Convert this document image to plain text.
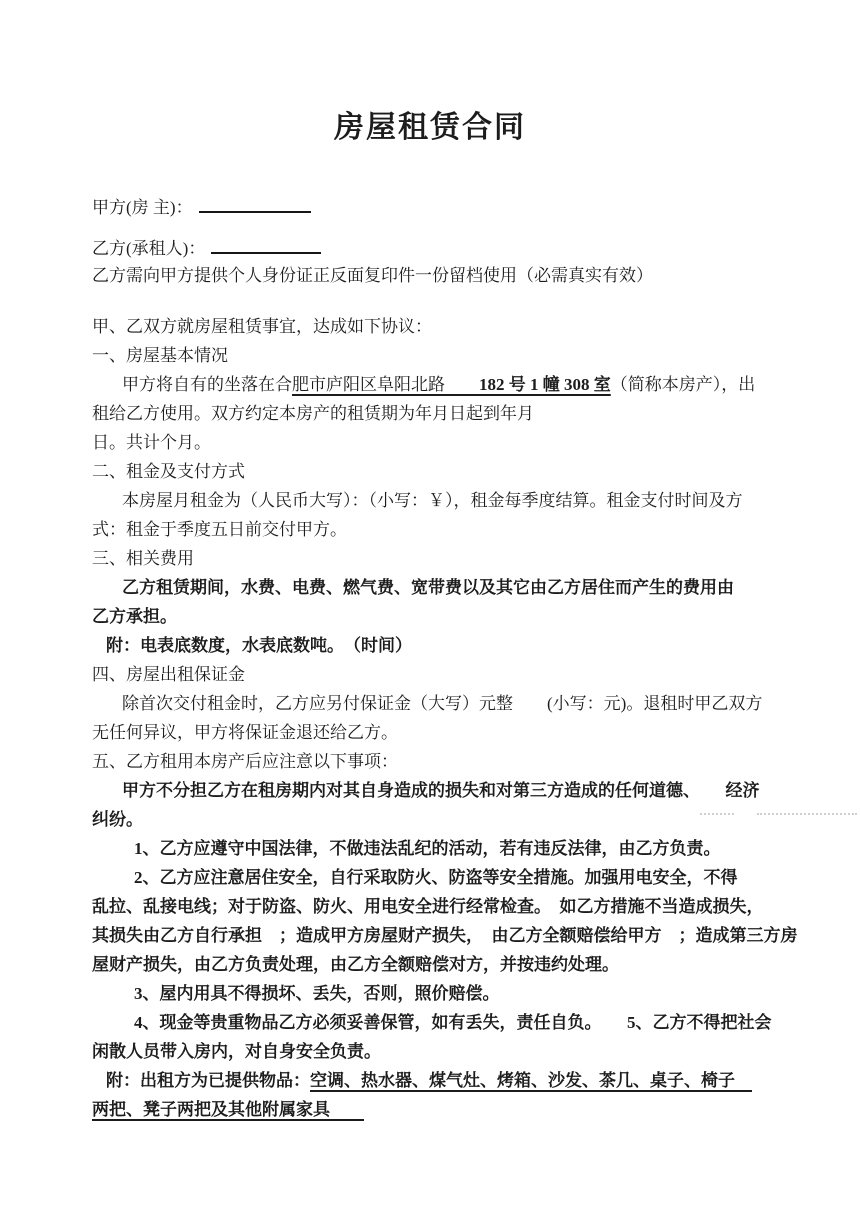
房屋租赁合同
甲方(房 主)：
乙方(承租人)：
乙方需向甲方提供个人身份证正反面复印件一份留档使用（必需真实有效）
甲、乙双方就房屋租赁事宜，达成如下协议：
一、房屋基本情况
甲方将自有的坐落在合肥市庐阳区阜阳北路　　182 号 1 幢 308 室（简称本房产），出
租给乙方使用。双方约定本房产的租赁期为年月日起到年月
日。共计个月。
二、租金及支付方式
本房屋月租金为（人民币大写）：（小写：￥），租金每季度结算。租金支付时间及方
式：租金于季度五日前交付甲方。
三、相关费用
乙方租赁期间，水费、电费、燃气费、宽带费以及其它由乙方居住而产生的费用由
乙方承担。
附：电表底数度，水表底数吨。　（时间）
四、房屋出租保证金
除首次交付租金时，乙方应另付保证金（大写）元整　　(小写：元)。退租时甲乙双方
无任何异议，甲方将保证金退还给乙方。
五、乙方租用本房产后应注意以下事项：
甲方不分担乙方在租房期内对其自身造成的损失和对第三方造成的任何道德、　　经济
纠纷。
1、乙方应遵守中国法律，不做违法乱纪的活动，若有违反法律，由乙方负责。
2、乙方应注意居住安全，自行采取防火、防盗等安全措施。加强用电安全，不得
乱拉、乱接电线；对于防盗、防火、用电安全进行经常检查。　如乙方措施不当造成损失，
其损失由乙方自行承担　；造成甲方房屋财产损失，　由乙方全额赔偿给甲方　；造成第三方房
屋财产损失，由乙方负责处理，由乙方全额赔偿对方，并按违约处理。
3、屋内用具不得损坏、丢失，否则，照价赔偿。
4、现金等贵重物品乙方必须妥善保管，如有丢失，责任自负。　　5、乙方不得把社会
闲散人员带入房内，对自身安全负责。
附：出租方为已提供物品：空调、热水器、煤气灶、烤箱、沙发、茶几、桌子、椅子　
两把、凳子两把及其他附属家具　　
